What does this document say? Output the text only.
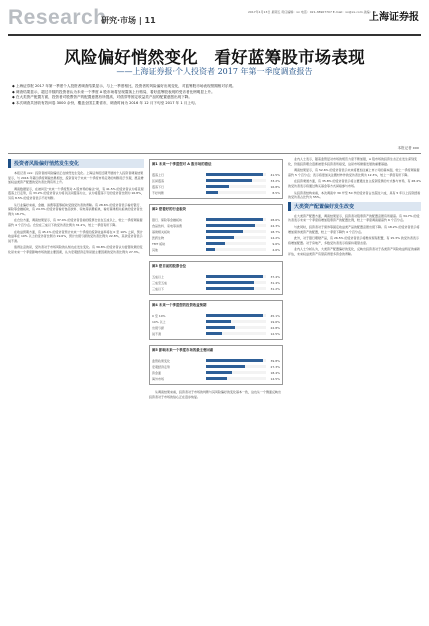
Research
研究·市场 | 11
2017年1月13日 星期五 责任编辑：xx 电话：021-38967707 E-mail：xx@xx.com 美编：xx
上海证券报
风险偏好悄然变化　看好蓝筹股市场表现
——上海证券报·个人投资者 2017 年第一季度调查报告
◆ 上海证券报 2017 年第一季度个人投资者调查结果显示，与上一季度相比，投资者的风险偏好出现变化，对蓝筹股市场表现预期相对乐观。
◆ 调查结果显示，超过半数的投资者认为未来一个季度 A 股市场将呈现震荡上行格局，看好蓝筹股表现的受访者比例明显上升。
◆ 在大类资产配置方面，投资者对股票资产的配置意愿有所提高，对债券等固定收益类产品的配置意愿出现下降。
◆ 本次调查共回收有效问卷 3000 余份，覆盖全国主要省市，调查时间为 2016 年 12 月下旬至 2017 年 1 月上旬。
本报记者 xxx
投资者风险偏好悄然发生变化
本报记者 xxx：投资者的风险偏好正在悄然发生变化。上海证券报近期开展的个人投资者调查结果显示，与 2016 年第四季度调查结果相比，投资者对于未来一个季度市场走势的判断趋于乐观，愿意增加权益类资产配置的受访者比例有所上升。
调查数据显示，在被问及“未来一个季度您对 A 股市场的看法”时，有 41.5% 的受访者认为将呈现震荡上行走势，有 33.2% 的受访者认为将以区间震荡为主，认为将震荡下行的受访者比例为 16.8%，另有 8.5% 的受访者表示不好判断。
从行业偏好来看，金融、消费等蓝筹板块受到受访者的青睐。有 28.6% 的受访者表示看好银行、保险等金融板块，有 24.3% 的受访者看好食品饮料、家电等消费板块，看好基建相关板块的受访者比例为 18.7%。
在仓位方面，调查结果显示，有 37.4% 的受访者目前的股票仓位在五成以上，较上一季度调查提高约 4 个百分点。仓位在三成以下的受访者比例为 31.2%，较上一季度有所下降。
在收益预期方面，有 45.1% 的受访者预计未来一个季度的投资收益率将在 0 至 10% 之间，预计收益率在 10% 以上的受访者比例为 19.6%，预计出现亏损的受访者比例为 22.8%，其余受访者表示说不清。
值得注意的是，受访者对于市场风险的认知也在发生变化。有 39.8% 的受访者认为监管政策的变化是未来一个季度影响市场的最主要因素，认为宏观经济走势是最主要因素的受访者比例为 27.3%。
图1 未来一个季度您对 A 股市场的看法
震荡上行	41.5%
区间震荡	33.2%
震荡下行	16.8%
不好判断	8.5%
图2 您看好的行业板块
银行、保险等金融板块	28.6%
食品饮料、家电等消费	24.3%
基建相关板块	18.7%
医药生物	14.2%
TMT 板块	9.6%
其他	4.6%
图3 您目前的股票仓位
五成以上	37.4%
三成至五成	31.4%
三成以下	31.2%
图4 未来一个季度您的投资收益预期
0 至 10%	45.1%
10% 以上	19.6%
出现亏损	22.8%
说不清	12.5%
图5 影响未来一个季度市场的最主要因素
监管政策变化	39.8%
宏观经济走势	27.3%
资金面	18.4%
海外市场	14.5%
从调查结果来看，投资者对于市场的判断与其风险偏好的变化基本一致，这也从一个侧面反映出投资者对于市场的信心正在逐步恢复。
业内人士表示，随着监管层对市场的规范力度不断加强，A 股市场的投资生态正在发生深刻变化，价值投资理念逐渐被更多投资者所接受，这是市场健康发展的重要基础。
调查结果显示，有 52.6% 的受访者表示未来将更加注重上市公司的基本面，较上一季度调查提高约 5 个百分点；表示将更加关注题材炒作的受访者比例为 12.3%，较上一季度有所下降。
在投资渠道方面，有 35.8% 的受访者表示将主要通过自主投资股票的方式参与市场，有 28.4% 的受访者表示将通过购买基金等方式间接参与市场。
从投资者结构来看，本次调查中 30 岁至 50 岁的受访者占比超过六成，具有 5 年以上投资经验的受访者占比约为 55%。
大类资产配置偏好发生改变
在大类资产配置方面，调查结果显示，投资者对股票资产的配置意愿有所提高。有 34.7% 的受访者表示未来一个季度将增加股票资产的配置比例，较上一季度调查提高约 6 个百分点。
与此同时，投资者对于债券等固定收益类产品的配置意愿出现下降。有 18.2% 的受访者表示将增加债券类资产的配置，较上一季度下降约 4 个百分点。
此外，对于银行理财产品，有 26.5% 的受访者表示将维持现有配置，有 15.3% 的受访者表示将增加配置。对于房地产，多数受访者表示将保持观望态度。
业内人士分析认为，大类资产配置偏好的变化，反映出投资者对于各类资产风险收益特征的重新评估，未来权益类资产有望获得更多资金的青睐。
